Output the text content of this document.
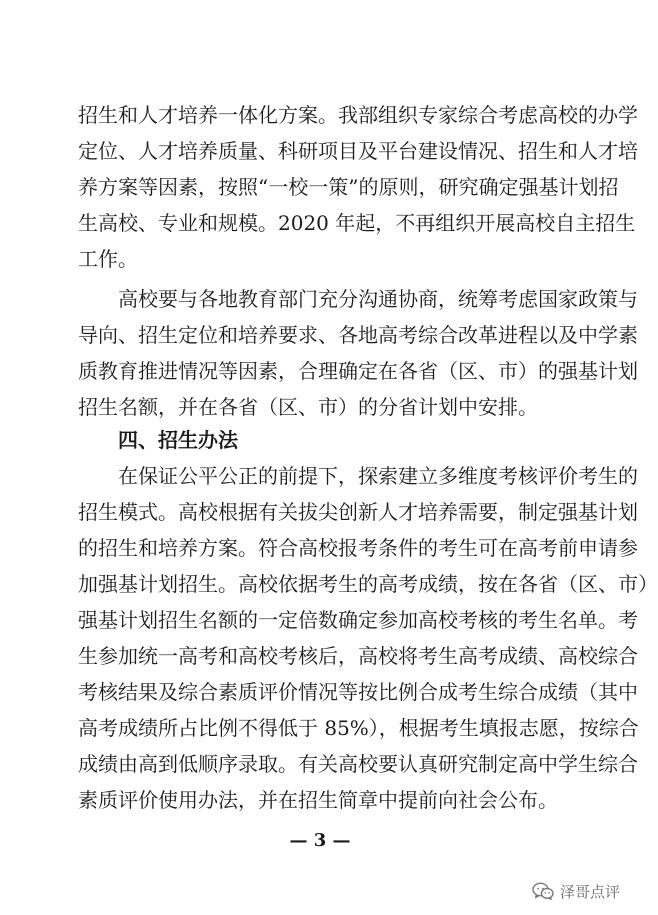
招生和人才培养一体化方案。我部组织专家综合考虑高校的办学
定位、人才培养质量、科研项目及平台建设情况、招生和人才培
养方案等因素，按照“一校一策”的原则，研究确定强基计划招
生高校、专业和规模。2020 年起，不再组织开展高校自主招生
工作。
高校要与各地教育部门充分沟通协商，统筹考虑国家政策与
导向、招生定位和培养要求、各地高考综合改革进程以及中学素
质教育推进情况等因素，合理确定在各省（区、市）的强基计划
招生名额，并在各省（区、市）的分省计划中安排。
四、招生办法
在保证公平公正的前提下，探索建立多维度考核评价考生的
招生模式。高校根据有关拔尖创新人才培养需要，制定强基计划
的招生和培养方案。符合高校报考条件的考生可在高考前申请参
加强基计划招生。高校依据考生的高考成绩，按在各省（区、市）
强基计划招生名额的一定倍数确定参加高校考核的考生名单。考
生参加统一高考和高校考核后，高校将考生高考成绩、高校综合
考核结果及综合素质评价情况等按比例合成考生综合成绩（其中
高考成绩所占比例不得低于 85%），根据考生填报志愿，按综合
成绩由高到低顺序录取。有关高校要认真研究制定高中学生综合
素质评价使用办法，并在招生简章中提前向社会公布。
— 3 —
泽哥点评
